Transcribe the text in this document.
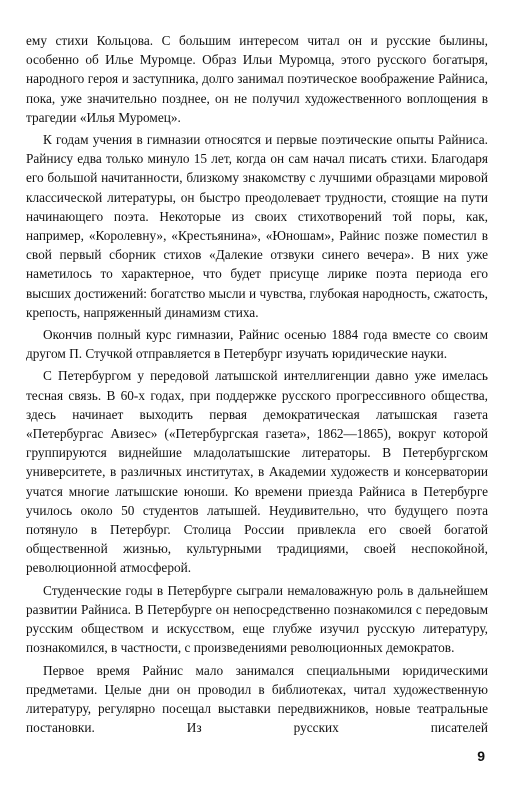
ему стихи Кольцова. С большим интересом читал он и русские былины, особенно об Илье Муромце. Образ Ильи Муромца, этого русского богатыря, народного героя и заступника, долго занимал поэтическое воображение Райниса, пока, уже значительно позднее, он не получил художественного воплощения в трагедии «Илья Муромец».

К годам учения в гимназии относятся и первые поэтические опыты Райниса. Райнису едва только минуло 15 лет, когда он сам начал писать стихи. Благодаря его большой начитанности, близкому знакомству с лучшими образцами мировой классической литературы, он быстро преодолевает трудности, стоящие на пути начинающего поэта. Некоторые из своих стихотворений той поры, как, например, «Королевну», «Крестьянина», «Юношам», Райнис позже поместил в свой первый сборник стихов «Далекие отзвуки синего вечера». В них уже наметилось то характерное, что будет присуще лирике поэта периода его высших достижений: богатство мысли и чувства, глубокая народность, сжатость, крепость, напряженный динамизм стиха.

Окончив полный курс гимназии, Райнис осенью 1884 года вместе со своим другом П. Стучкой отправляется в Петербург изучать юридические науки.

С Петербургом у передовой латышской интеллигенции давно уже имелась тесная связь. В 60-х годах, при поддержке русского прогрессивного общества, здесь начинает выходить первая демократическая латышская газета «Петербургас Авизес» («Петербургская газета», 1862—1865), вокруг которой группируются виднейшие младолатышские литераторы. В Петербургском университете, в различных институтах, в Академии художеств и консерватории учатся многие латышские юноши. Ко времени приезда Райниса в Петербурге училось около 50 студентов латышей. Неудивительно, что будущего поэта потянуло в Петербург. Столица России привлекла его своей богатой общественной жизнью, культурными традициями, своей неспокойной, революционной атмосферой.

Студенческие годы в Петербурге сыграли немаловажную роль в дальнейшем развитии Райниса. В Петербурге он непосредственно познакомился с передовым русским обществом и искусством, еще глубже изучил русскую литературу, познакомился, в частности, с произведениями революционных демократов.

Первое время Райнис мало занимался специальными юридическими предметами. Целые дни он проводил в библиотеках, читал художественную литературу, регулярно посещал выставки передвижников, новые театральные постановки. Из русских писателей

9
